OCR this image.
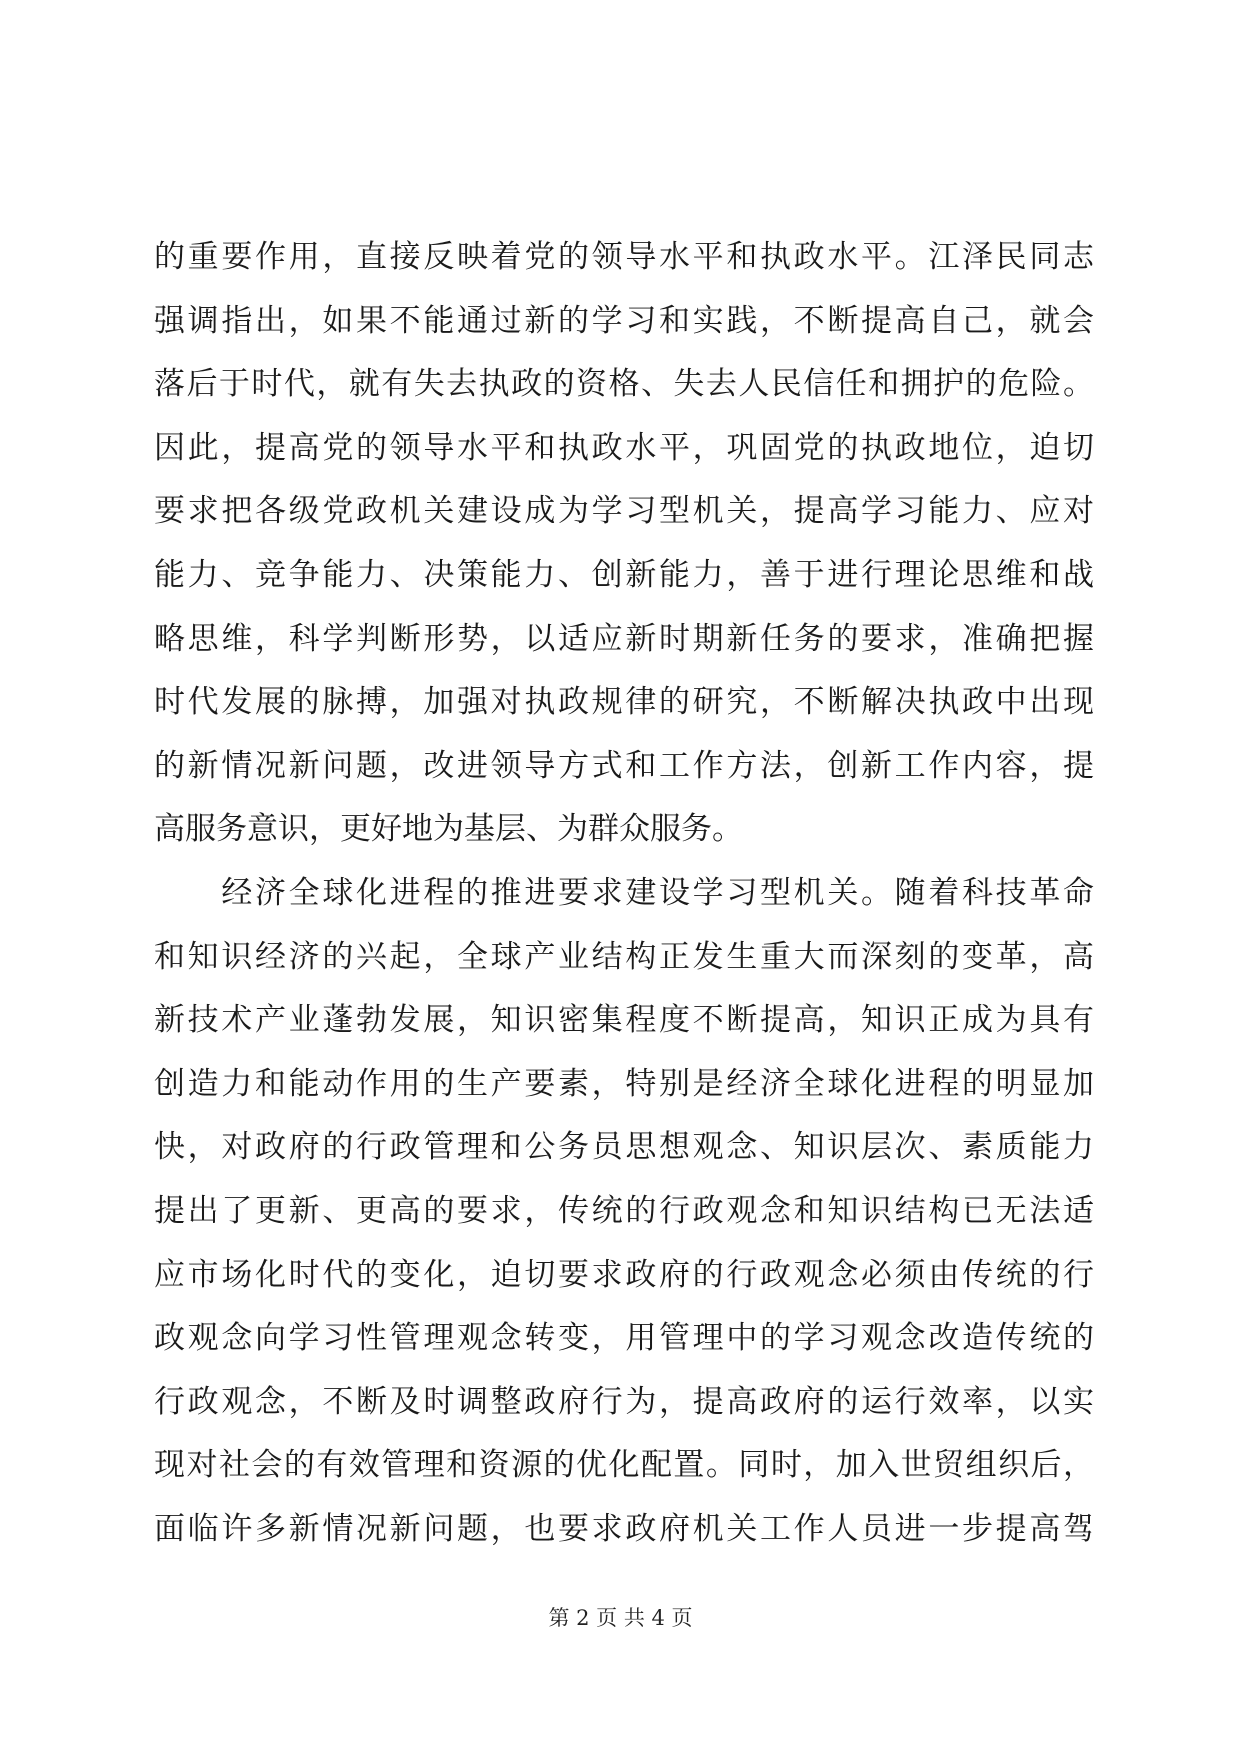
的重要作用，直接反映着党的领导水平和执政水平。江泽民同志
强调指出，如果不能通过新的学习和实践，不断提高自己，就会
落后于时代，就有失去执政的资格、失去人民信任和拥护的危险。
因此，提高党的领导水平和执政水平，巩固党的执政地位，迫切
要求把各级党政机关建设成为学习型机关，提高学习能力、应对
能力、竞争能力、决策能力、创新能力，善于进行理论思维和战
略思维，科学判断形势，以适应新时期新任务的要求，准确把握
时代发展的脉搏，加强对执政规律的研究，不断解决执政中出现
的新情况新问题，改进领导方式和工作方法，创新工作内容，提
高服务意识，更好地为基层、为群众服务。
　　经济全球化进程的推进要求建设学习型机关。随着科技革命
和知识经济的兴起，全球产业结构正发生重大而深刻的变革，高
新技术产业蓬勃发展，知识密集程度不断提高，知识正成为具有
创造力和能动作用的生产要素，特别是经济全球化进程的明显加
快，对政府的行政管理和公务员思想观念、知识层次、素质能力
提出了更新、更高的要求，传统的行政观念和知识结构已无法适
应市场化时代的变化，迫切要求政府的行政观念必须由传统的行
政观念向学习性管理观念转变，用管理中的学习观念改造传统的
行政观念，不断及时调整政府行为，提高政府的运行效率，以实
现对社会的有效管理和资源的优化配置。同时，加入世贸组织后，
面临许多新情况新问题，也要求政府机关工作人员进一步提高驾
第 2 页 共 4 页
